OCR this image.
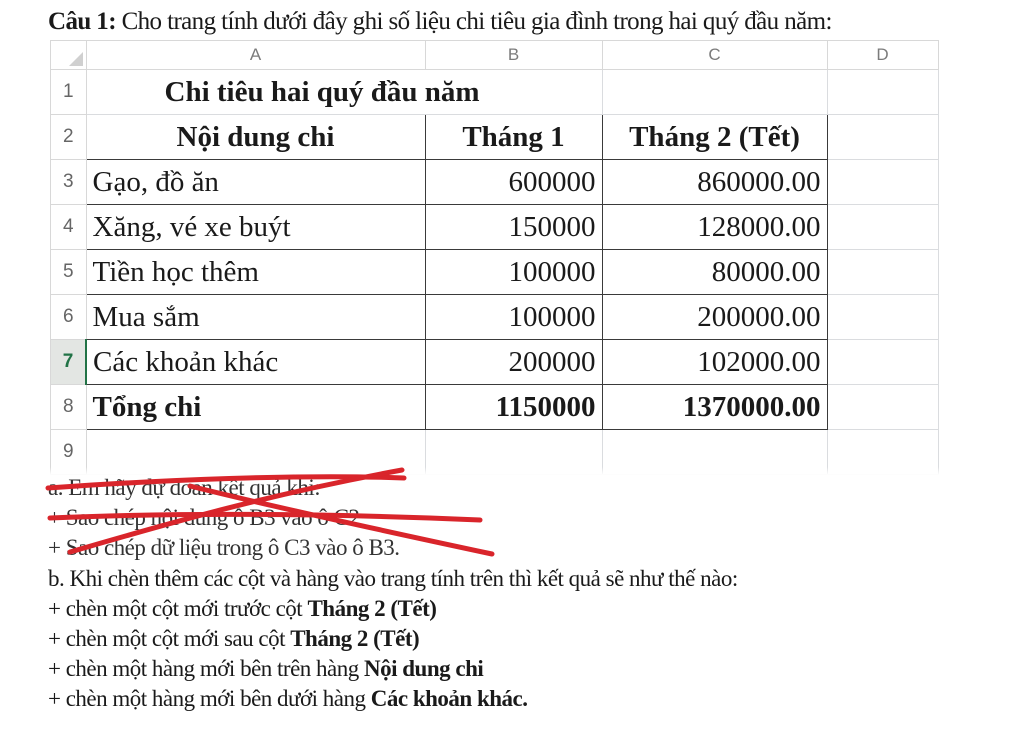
Câu 1: Cho trang tính dưới đây ghi số liệu chi tiêu gia đình trong hai quý đầu năm:
	A	B	C	D
1	Chi tiêu hai quý đầu năm			
2	Nội dung chi	Tháng 1	Tháng 2 (Tết)	
3	Gạo, đồ ăn	600000	860000.00	
4	Xăng, vé xe buýt	150000	128000.00	
5	Tiền học thêm	100000	80000.00	
6	Mua sắm	100000	200000.00	
7	Các khoản khác	200000	102000.00	
8	Tổng chi	1150000	1370000.00	
9				
a. Em hãy dự đoán kết quả khi:
+ Sao chép nội dung ô B3 vào ô C2
+ Sao chép dữ liệu trong ô C3 vào ô B3.
b. Khi chèn thêm các cột và hàng vào trang tính trên thì kết quả sẽ như thế nào:
+ chèn một cột mới trước cột Tháng 2 (Tết)
+ chèn một cột mới sau cột Tháng 2 (Tết)
+ chèn một hàng mới bên trên hàng Nội dung chi
+ chèn một hàng mới bên dưới hàng Các khoản khác.
